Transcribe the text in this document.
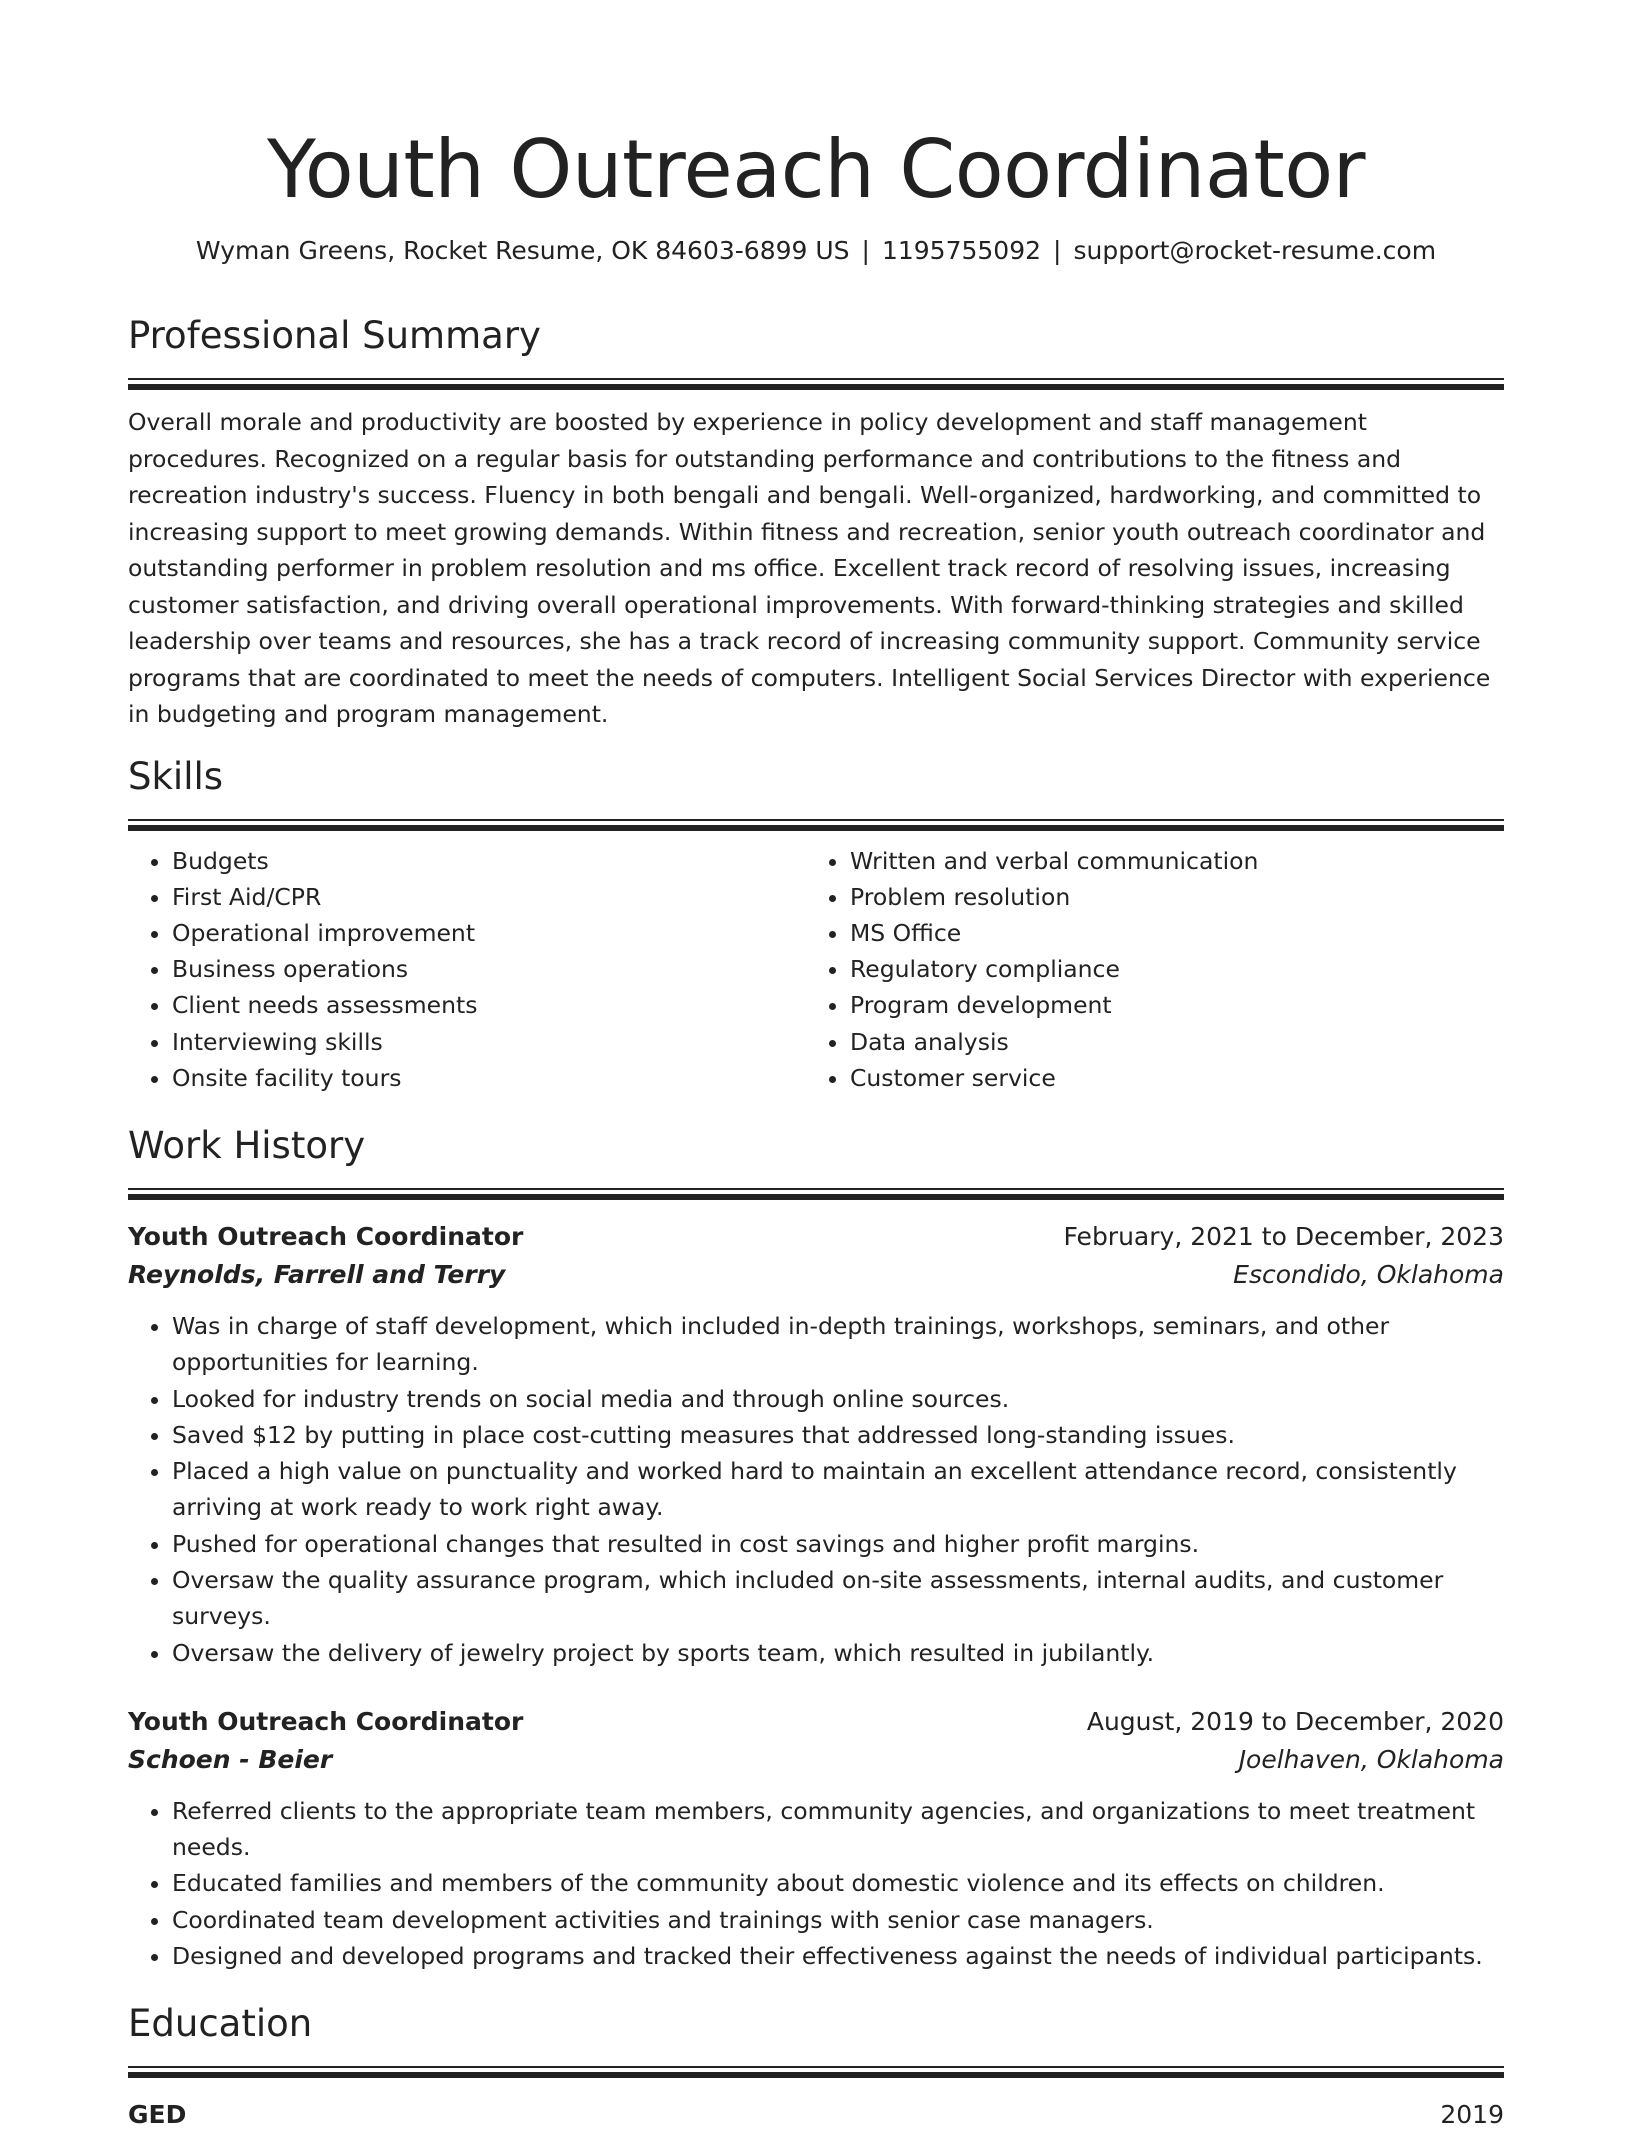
Youth Outreach Coordinator
Wyman Greens, Rocket Resume, OK 84603-6899 US | 1195755092 | support@rocket-resume.com
Professional Summary

Overall morale and productivity are boosted by experience in policy development and staff management procedures. Recognized on a regular basis for outstanding performance and contributions to the fitness and recreation industry's success. Fluency in both bengali and bengali. Well-organized, hardworking, and committed to increasing support to meet growing demands. Within fitness and recreation, senior youth outreach coordinator and outstanding performer in problem resolution and ms office. Excellent track record of resolving issues, increasing customer satisfaction, and driving overall operational improvements. With forward-thinking strategies and skilled leadership over teams and resources, she has a track record of increasing community support. Community service programs that are coordinated to meet the needs of computers. Intelligent Social Services Director with experience in budgeting and program management.

Skills
• Budgets
• First Aid/CPR
• Operational improvement
• Business operations
• Client needs assessments
• Interviewing skills
• Onsite facility tours
• Written and verbal communication
• Problem resolution
• MS Office
• Regulatory compliance
• Program development
• Data analysis
• Customer service
Work History
Youth Outreach Coordinator	February, 2021 to December, 2023
Reynolds, Farrell and Terry	Escondido, Oklahoma
• Was in charge of staff development, which included in-depth trainings, workshops, seminars, and other opportunities for learning.
• Looked for industry trends on social media and through online sources.
• Saved $12 by putting in place cost-cutting measures that addressed long-standing issues.
• Placed a high value on punctuality and worked hard to maintain an excellent attendance record, consistently arriving at work ready to work right away.
• Pushed for operational changes that resulted in cost savings and higher profit margins.
• Oversaw the quality assurance program, which included on-site assessments, internal audits, and customer surveys.
• Oversaw the delivery of jewelry project by sports team, which resulted in jubilantly.
Youth Outreach Coordinator	August, 2019 to December, 2020
Schoen - Beier	Joelhaven, Oklahoma
• Referred clients to the appropriate team members, community agencies, and organizations to meet treatment needs.
• Educated families and members of the community about domestic violence and its effects on children.
• Coordinated team development activities and trainings with senior case managers.
• Designed and developed programs and tracked their effectiveness against the needs of individual participants.
Education
GED	2019
